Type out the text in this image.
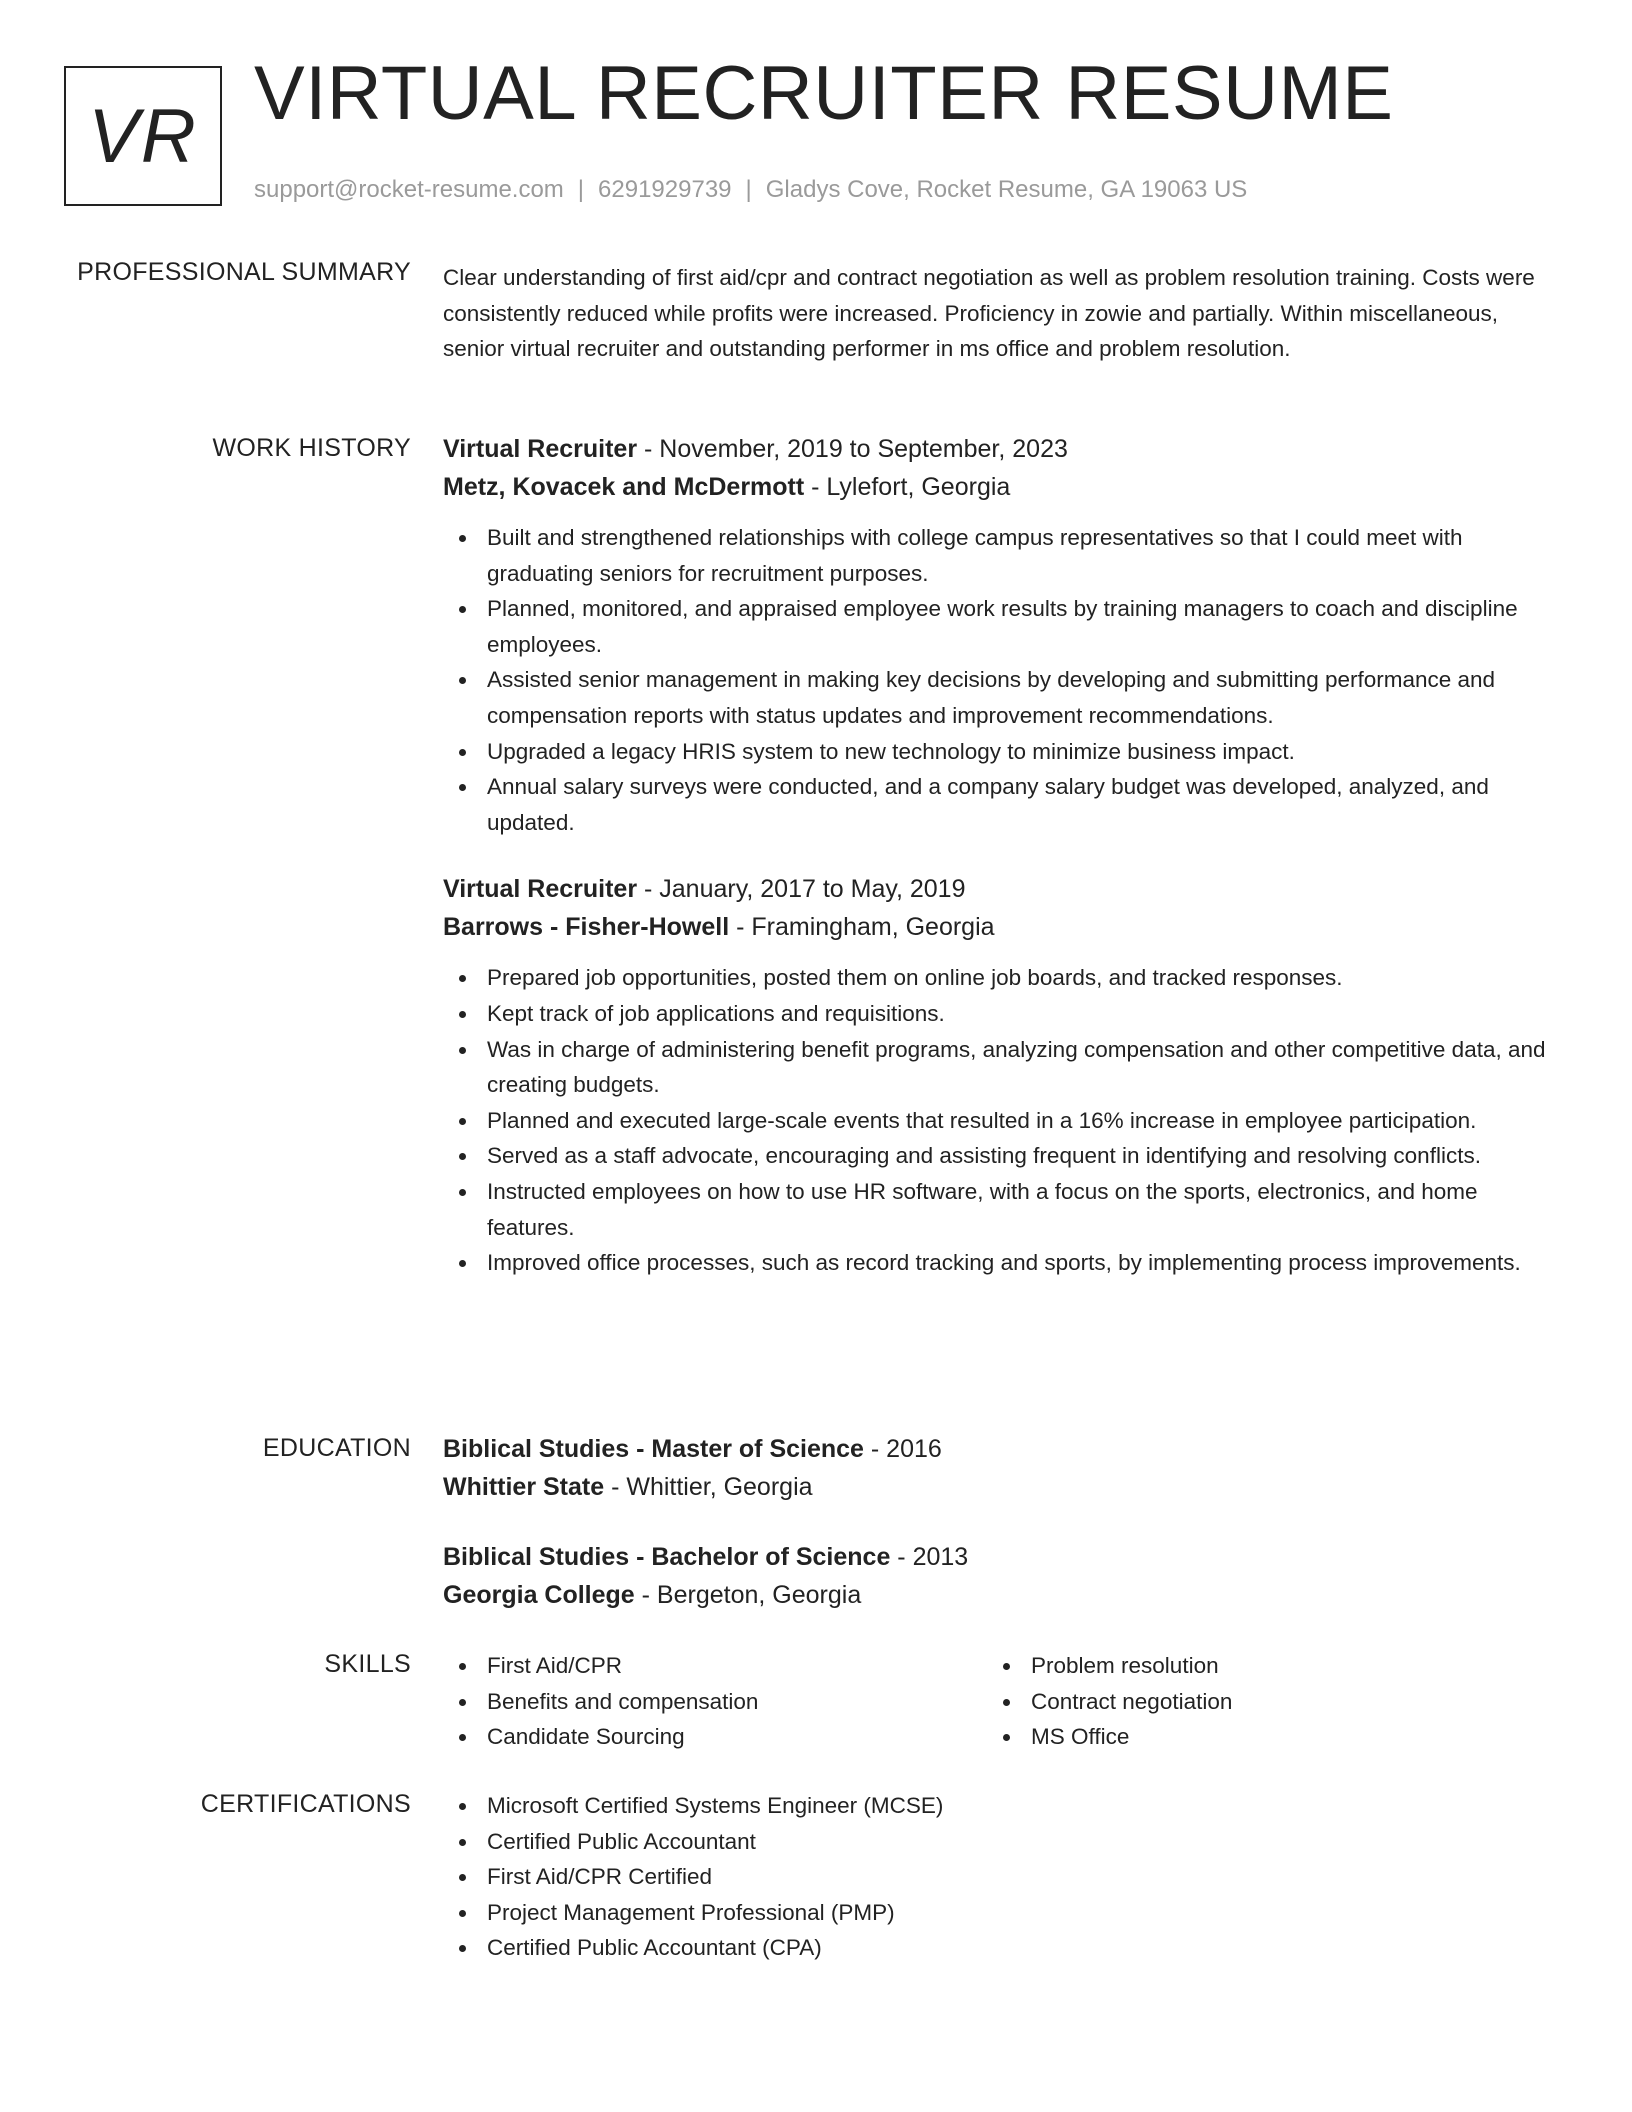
VR VIRTUAL RECRUITER RESUME
support@rocket-resume.com | 6291929739 | Gladys Cove, Rocket Resume, GA 19063 US
PROFESSIONAL SUMMARY Clear understanding of first aid/cpr and contract negotiation as well as problem resolution training. Costs were consistently reduced while profits were increased. Proficiency in zowie and partially. Within miscellaneous, senior virtual recruiter and outstanding performer in ms office and problem resolution.

WORK HISTORY Virtual Recruiter - November, 2019 to September, 2023

Metz, Kovacek and McDermott - Lylefort, Georgia

Built and strengthened relationships with college campus representatives so that I could meet with graduating seniors for recruitment purposes.
Planned, monitored, and appraised employee work results by training managers to coach and discipline employees.
Assisted senior management in making key decisions by developing and submitting performance and compensation reports with status updates and improvement recommendations.
Upgraded a legacy HRIS system to new technology to minimize business impact.
Annual salary surveys were conducted, and a company salary budget was developed, analyzed, and updated.

Virtual Recruiter - January, 2017 to May, 2019

Barrows - Fisher-Howell - Framingham, Georgia

Prepared job opportunities, posted them on online job boards, and tracked responses.
Kept track of job applications and requisitions.
Was in charge of administering benefit programs, analyzing compensation and other competitive data, and creating budgets.
Planned and executed large-scale events that resulted in a 16% increase in employee participation.
Served as a staff advocate, encouraging and assisting frequent in identifying and resolving conflicts.
Instructed employees on how to use HR software, with a focus on the sports, electronics, and home features.
Improved office processes, such as record tracking and sports, by implementing process improvements.
EDUCATION Biblical Studies - Master of Science - 2016

Whittier State - Whittier, Georgia

Biblical Studies - Bachelor of Science - 2013

Georgia College - Bergeton, Georgia

SKILLS	First Aid/CPR
Benefits and compensation
Candidate Sourcing
Problem resolution
Contract negotiation
MS Office
CERTIFICATIONS	Microsoft Certified Systems Engineer (MCSE)
Certified Public Accountant
First Aid/CPR Certified
Project Management Professional (PMP)
Certified Public Accountant (CPA)
